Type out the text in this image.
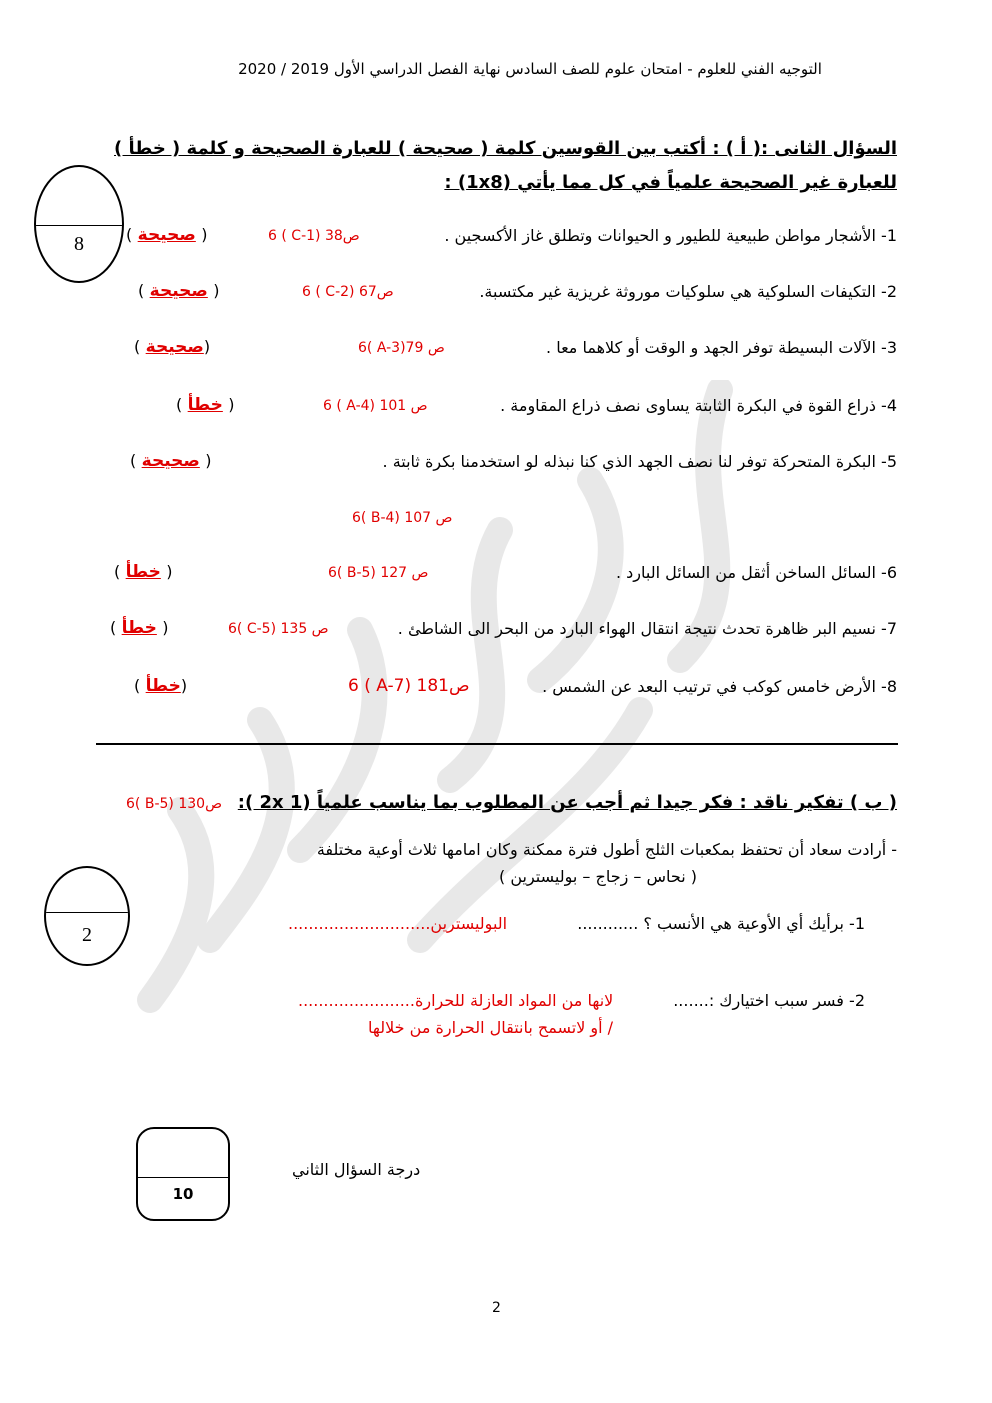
التوجيه الفني للعلوم - امتحان علوم للصف السادس نهاية الفصل الدراسي الأول 2019 / 2020
السؤال الثانى :( أ ) : أكتب بين القوسين كلمة ( صحيحة ) للعبارة الصحيحة و كلمة ( خطأ )
للعبارة غير الصحيحة علمياً في كل مما يأتي (1x8) :
8	1- الأشجار مواطن طبيعية للطيور و الحيوانات وتطلق غاز الأكسجين .
ص38 (C-1 ) 6
( صحيحة )
2- التكيفات السلوكية هي سلوكيات موروثة غريزية غير مكتسبة.
ص67 (C-2 ) 6
( صحيحة )
3- الآلات البسيطة توفر الجهد و الوقت أو كلاهما معا .
ص 79(A-3 )6
(صحيحة )
4- ذراع القوة في البكرة الثابتة يساوى نصف ذراع المقاومة .
ص 101 (A-4 ) 6
( خطأ )
5- البكرة المتحركة توفر لنا نصف الجهد الذي كنا نبذله لو استخدمنا بكرة ثابتة .
ص 107 (B-4 )6
( صحيحة )
6- السائل الساخن أثقل من السائل البارد .
ص 127 (B-5 )6
( خطأ )
7- نسيم البر ظاهرة تحدث نتيجة انتقال الهواء البارد من البحر الى الشاطئ .
ص 135 (C-5 )6
( خطأ )
8- الأرض خامس كوكب في ترتيب البعد عن الشمس .
ص181 (A-7 ) 6
(خطأ )
( ب ) تفكير ناقد : فكر جيدا ثم أجب عن المطلوب بما يناسب علمياً (2x 1 ):
ص130 (B-5 )6
2
- أرادت سعاد أن تحتفظ بمكعبات الثلج أطول فترة ممكنة وكان امامها ثلاث أوعية مختلفة
( نحاس – زجاج – بوليسترين )
1- برأيك أي الأوعية هي الأنسب ؟ ............
البوليسترين............................
2- فسر سبب اختيارك :.......
لانها من المواد العازلة للحرارة.......................
/ أو لاتسمح بانتقال الحرارة من خلالها
درجة السؤال الثاني
10
2
